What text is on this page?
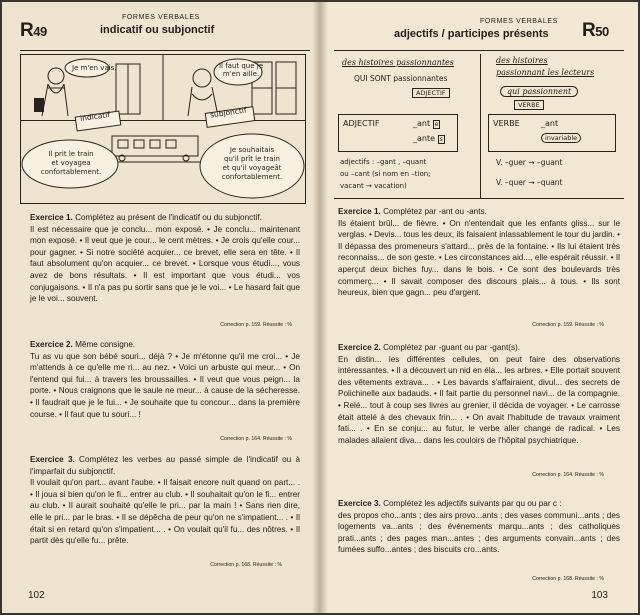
R49
FORMES VERBALES
indicatif ou subjonctif
Je m'en vais.	Il faut que je m'en aille.
indicatif	subjonctif
Il prit le train
et voyagea
confortablement.
Je souhaitais
qu'il prît le train
et qu'il voyageât
confortablement.

Exercice 1. Complétez au présent de l'indicatif ou du subjonctif.

Il est nécessaire que je conclu... mon exposé. • Je conclu... maintenant mon exposé. • Il veut que je cour... le cent mètres. • Je crois qu'elle cour... pour gagner. • Si notre société acquier... ce brevet, elle sera en tête. • Il faut absolument qu'on acquier... ce brevet. • Lorsque vous étudi..., vous avez de bons résultats. • Il est important que vous étudi... vos conjugaisons. • Il n'a pas pu sortir sans que je le voi... • Le hasard fait que je le voi... souvent.

Correction p. 159. Réussite : %

Exercice 2. Même consigne.

Tu as vu que son bébé souri... déjà ? • Je m'étonne qu'il me croi... • Je m'attends à ce qu'elle me ri... au nez. • Voici un arbuste qui meur... • On l'entend qui fui... à travers les broussailles. • Il veut que vous peign... la porte. • Nous craignons que le saule ne meur... à cause de la sécheresse. • Il faudrait que je le fui... • Je souhaite que tu concour... dans la première course. • Il faut que tu souri... !

Correction p. 164. Réussite : %

Exercice 3. Complétez les verbes au passé simple de l'indicatif ou à l'imparfait du subjonctif.

Il voulait qu'on part... avant l'aube. • Il faisait encore nuit quand on part... . • Il joua si bien qu'on le fi... entrer au club. • Il souhaitait qu'on le fi... entrer au club. • Il aurait souhaité qu'elle le pri... par la main ! • Sans rien dire, elle le pri... par le bras. • Il se dépêcha de peur qu'on ne s'impatient... . • Il était si en retard qu'on s'impatient... . • On voulait qu'il fu... des nôtres. • Il partit dès qu'elle fu... prête.

Correction p. 168. Réussite : %
102
FORMES VERBALES
adjectifs / participes présents R50
des histoires passionnantes
QUI SONT passionnantes
ADJECTIF
ADJECTIF	_ant e
_ante s
des histoires
passionnant les lecteurs
qui passionnent
VERBE
VERBE	_ant
invariable
adjectifs : –gant , –quant
ou –cant (si nom en –tion;
vacant → vacation)
V. –guer → –guant
V. –quer → –quant

Exercice 1. Complétez par -ant ou -ants.

Ils étaient brûl... de fièvre. • On n'entendait que les enfants gliss... sur le verglas. • Devis... tous les deux, ils faisaient inlassablement le tour du jardin. • Il dépassa des promeneurs s'attard... près de la fontaine. • Ils lui étaient très reconnaiss... de son geste. • Les circonstances aid..., elle espérait réussir. • Il aperçut deux biches fuy... dans le bois. • Ce sont des boulevards très commerç... • Il savait composer des discours plais... à tous. • Ils sont heureux, bien que gagn... peu d'argent.

Correction p. 159. Réussite : %

Exercice 2. Complétez par -guant ou par -gant(s).

En distin... les différentes cellules, on peut faire des observations intéressantes. • Il a découvert un nid en éla... les arbres. • Elle portait souvent des vêtements extrava... . • Les bavards s'affairaient, divul... des secrets de Polichinelle aux badauds. • Il fait partie du personnel navi... de la compagnie. • Relé... tout à coup ses livres au grenier, il décida de voyager. • Le carrosse était attelé à des chevaux frin... . • On avait l'habitude de travaux vraiment fati... . • En se conju... au futur, le verbe aller change de radical. • Les malades allaient diva... dans les couloirs de l'hôpital psychiatrique.

Correction p. 164. Réussite : %

Exercice 3. Complétez les adjectifs suivants par qu ou par c :

des propos cho...ants ; des airs provo...ants ; des vases communi...ants ; des logements va...ants ; des événements marqu...ants ; des catholiques prati...ants ; des pages man...antes ; des arguments convain...ants ; des fumées suffo...antes ; des biscuits cro...ants.

Correction p. 168. Réussite : %
103
